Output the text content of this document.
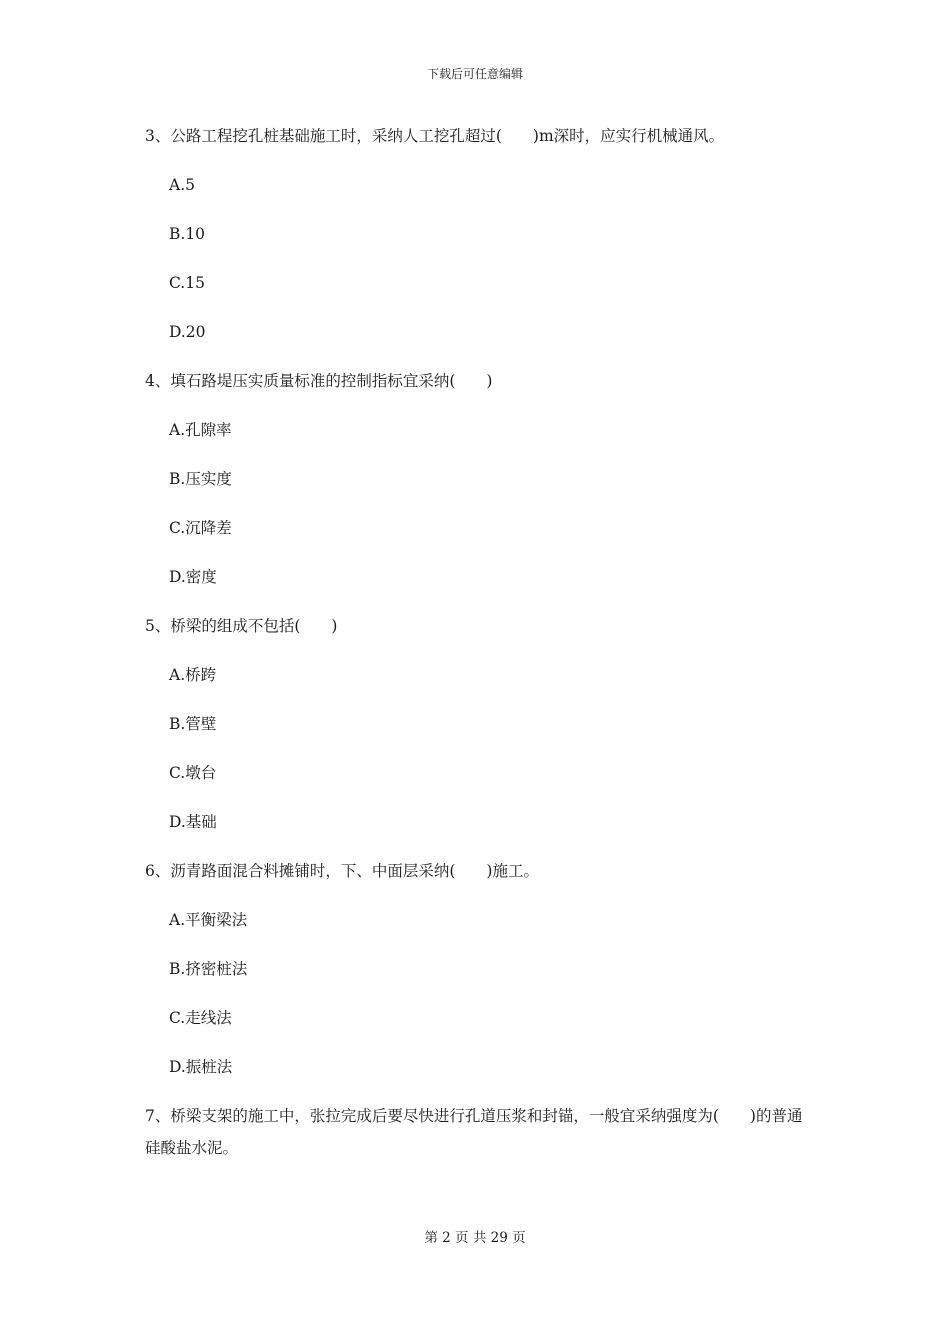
下载后可任意编辑
3、公路工程挖孔桩基础施工时，采纳人工挖孔超过(　　)m深时，应实行机械通风。
A.5
B.10
C.15
D.20
4、填石路堤压实质量标准的控制指标宜采纳(　　)
A.孔隙率
B.压实度
C.沉降差
D.密度
5、桥梁的组成不包括(　　)
A.桥跨
B.管壁
C.墩台
D.基础
6、沥青路面混合料摊铺时，下、中面层采纳(　　)施工。
A.平衡梁法
B.挤密桩法
C.走线法
D.振桩法
7、桥梁支架的施工中，张拉完成后要尽快进行孔道压浆和封锚，一般宜采纳强度为(　　)的普通硅酸盐水泥。
第 2 页 共 29 页
